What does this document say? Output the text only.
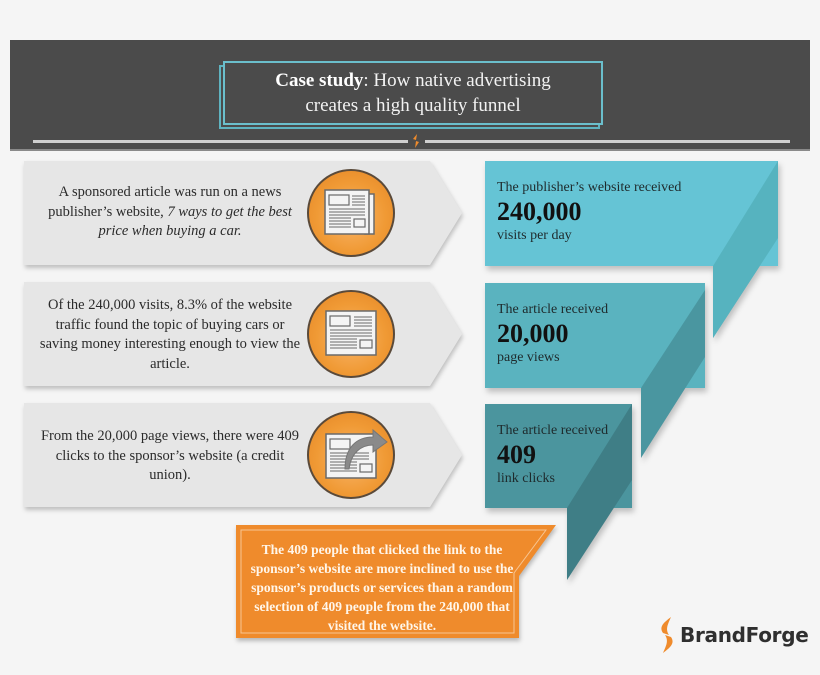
Case study: How native advertising
creates a high quality funnel
A sponsored article was run on a news publisher’s website, 7 ways to get the best price when buying a car.
Of the 240,000 visits, 8.3% of the website traffic found the topic of buying cars or saving money interesting enough to view the article.
From the 20,000 page views, there were 409 clicks to the sponsor’s website (a credit union).
The publisher’s website received
240,000
visits per day
The article received
20,000
page views
The article received
409
link clicks
The 409 people that clicked the link to the sponsor’s website are more inclined to use the sponsor’s products or services than a random selection of 409 people from the 240,000 that visited the website.	BrandForge
